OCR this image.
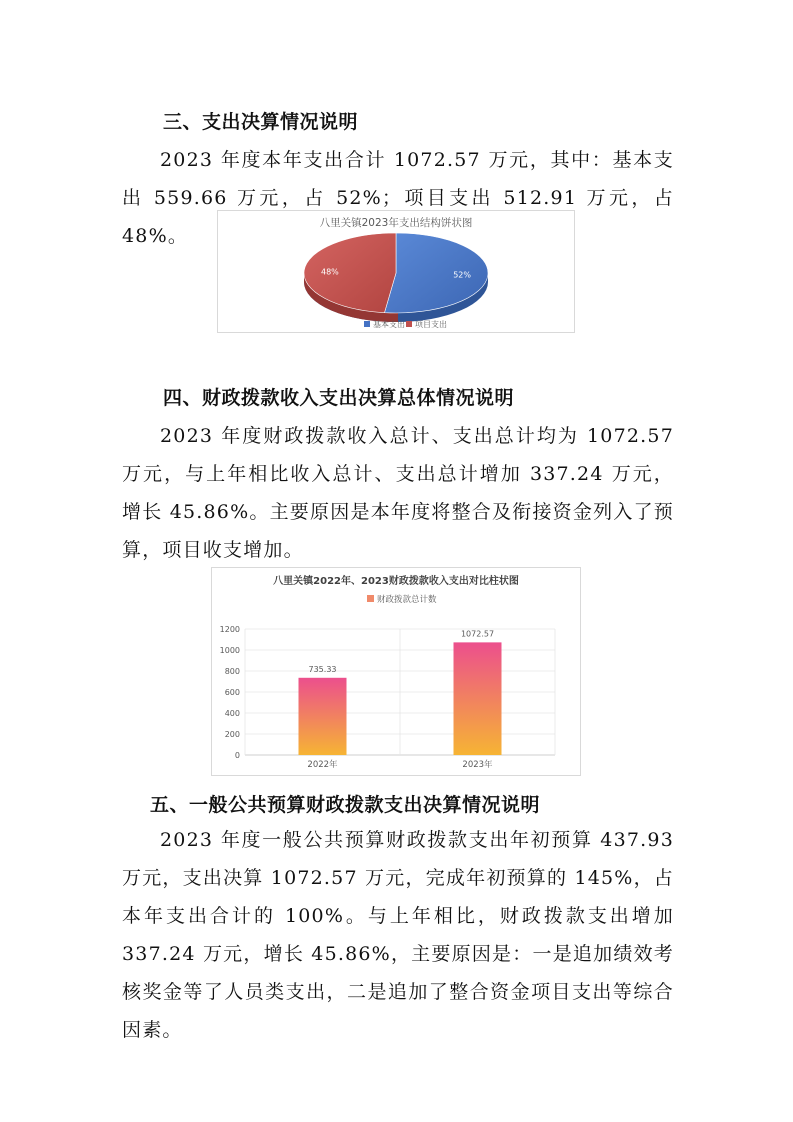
三、支出决算情况说明

2023 年度本年支出合计 1072.57 万元，其中：基本支出 559.66 万元，占 52%；项目支出 512.91 万元，占 48%。

八里关镇2023年支出结构饼状图
52%
48%
基本支出 项目支出
四、财政拨款收入支出决算总体情况说明

2023 年度财政拨款收入总计、支出总计均为 1072.57 万元，与上年相比收入总计、支出总计增加 337.24 万元，增长 45.86%。主要原因是本年度将整合及衔接资金列入了预算，项目收支增加。

八里关镇2022年、2023财政拨款收入支出对比柱状图
财政拨款总计数
0
200
400
600
800
1000
1200
735.33
1072.57
2022年	2023年
五、一般公共预算财政拨款支出决算情况说明

2023 年度一般公共预算财政拨款支出年初预算 437.93 万元，支出决算 1072.57 万元，完成年初预算的 145%，占本年支出合计的 100%。与上年相比，财政拨款支出增加 337.24 万元，增长 45.86%，主要原因是：一是追加绩效考核奖金等了人员类支出，二是追加了整合资金项目支出等综合因素。
